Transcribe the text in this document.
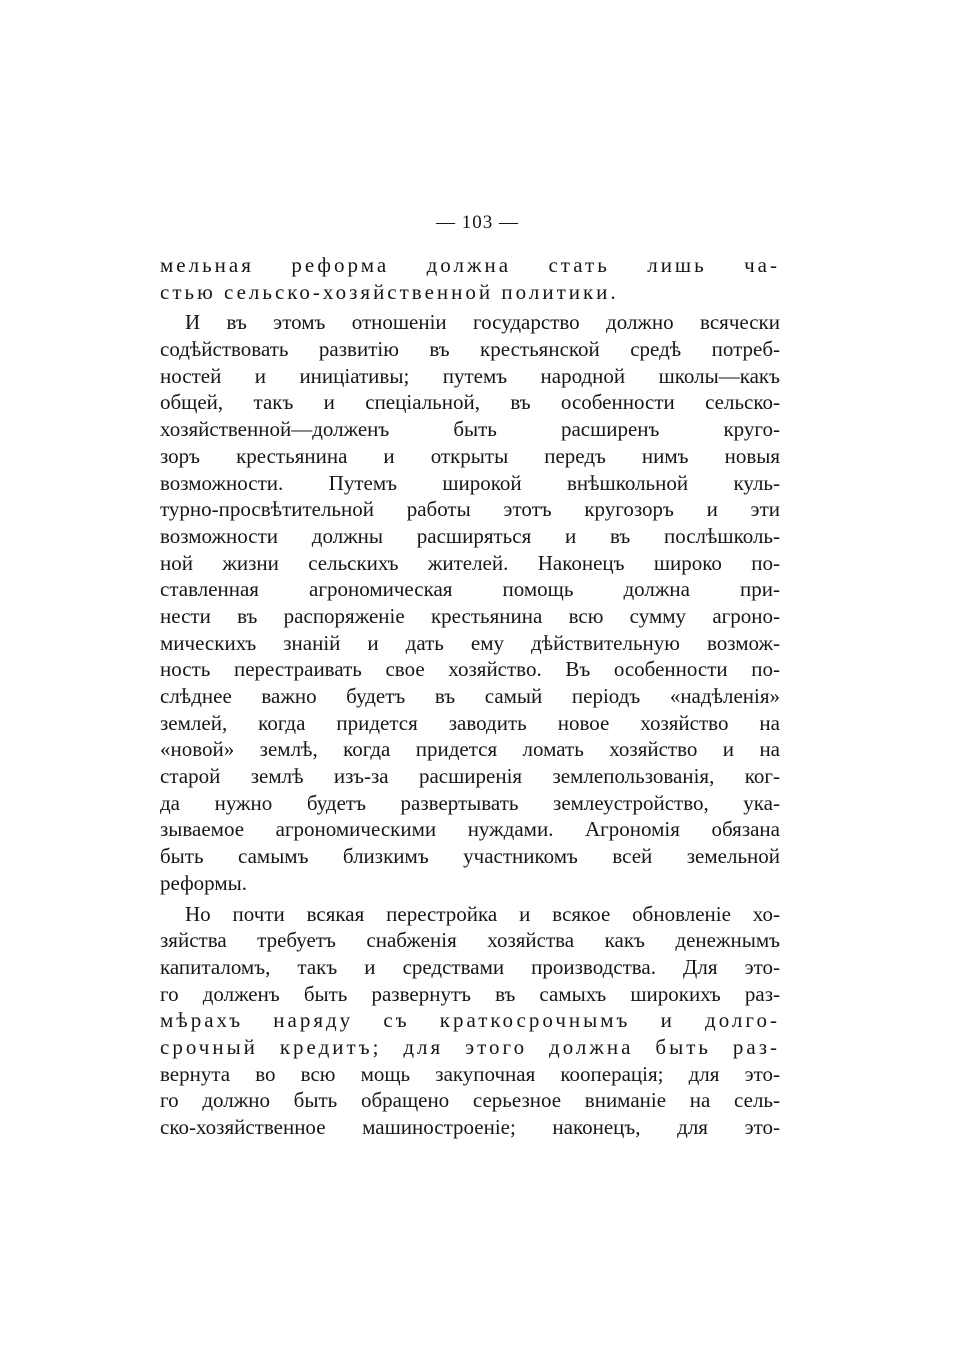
— 103 —
мельная реформа должна стать лишь ча-
стью сельско-хозяйственной политики.
И въ этомъ отношеніи государство должно всячески
содѣйствовать развитію въ крестьянской средѣ потреб-
ностей и иниціативы; путемъ народной школы—какъ
общей, такъ и спеціальной, въ особенности сельско-
хозяйственной—долженъ быть расширенъ круго-
зоръ крестьянина и открыты передъ нимъ новыя
возможности. Путемъ широкой внѣшкольной куль-
турно-просвѣтительной работы этотъ кругозоръ и эти
возможности должны расширяться и въ послѣшколь-
ной жизни сельскихъ жителей. Наконецъ широко по-
ставленная агрономическая помощь должна при-
нести въ распоряженіе крестьянина всю сумму агроно-
мическихъ знаній и дать ему дѣйствительную возмож-
ность перестраивать свое хозяйство. Въ особенности по-
слѣднее важно будетъ въ самый періодъ «надѣленія»
землей, когда придется заводить новое хозяйство на
«новой» землѣ, когда придется ломать хозяйство и на
старой землѣ изъ-за расширенія землепользованія, ког-
да нужно будетъ развертывать землеустройство, ука-
зываемое агрономическими нуждами. Агрономія обязана
быть самымъ близкимъ участникомъ всей земельной
реформы.
Но почти всякая перестройка и всякое обновленіе хо-
зяйства требуетъ снабженія хозяйства какъ денежнымъ
капиталомъ, такъ и средствами производства. Для это-
го долженъ быть развернутъ въ самыхъ широкихъ раз-
мѣрахъ наряду съ краткосрочнымъ и долго-
срочный кредитъ; для этого должна быть раз-
вернута во всю мощь закупочная кооперація; для это-
го должно быть обращено серьезное вниманіе на сель-
ско-хозяйственное машиностроеніе; наконецъ, для это-
